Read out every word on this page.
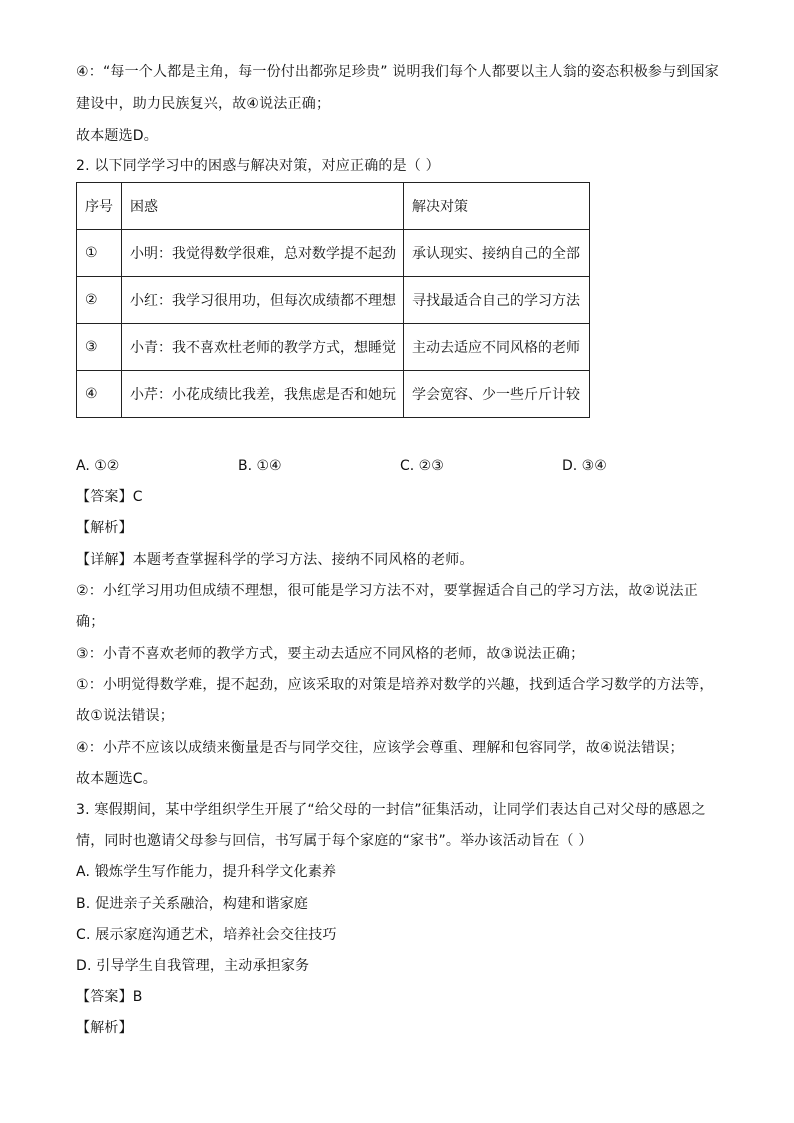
④：“每一个人都是主角，每一份付出都弥足珍贵” 说明我们每个人都要以主人翁的姿态积极参与到国家
建设中，助力民族复兴，故④说法正确；
故本题选D。
2. 以下同学学习中的困惑与解决对策，对应正确的是（ ）
序号	困惑	解决对策
①	小明：我觉得数学很难，总对数学提不起劲	承认现实、接纳自己的全部
②	小红：我学习很用功，但每次成绩都不理想	寻找最适合自己的学习方法
③	小青：我不喜欢杜老师的教学方式，想睡觉	主动去适应不同风格的老师
④	小芹：小花成绩比我差，我焦虑是否和她玩	学会宽容、少一些斤斤计较
A. ①②	B. ①④	C. ②③	D. ③④
【答案】C
【解析】
【详解】本题考查掌握科学的学习方法、接纳不同风格的老师。
②：小红学习用功但成绩不理想，很可能是学习方法不对，要掌握适合自己的学习方法，故②说法正
确；
③：小青不喜欢老师的教学方式，要主动去适应不同风格的老师，故③说法正确；
①：小明觉得数学难，提不起劲，应该采取的对策是培养对数学的兴趣，找到适合学习数学的方法等，
故①说法错误；
④：小芹不应该以成绩来衡量是否与同学交往，应该学会尊重、理解和包容同学，故④说法错误；
故本题选C。
3. 寒假期间，某中学组织学生开展了“给父母的一封信”征集活动，让同学们表达自己对父母的感恩之
情，同时也邀请父母参与回信，书写属于每个家庭的“家书”。举办该活动旨在（ ）
A. 锻炼学生写作能力，提升科学文化素养
B. 促进亲子关系融洽，构建和谐家庭
C. 展示家庭沟通艺术，培养社会交往技巧
D. 引导学生自我管理，主动承担家务
【答案】B
【解析】
